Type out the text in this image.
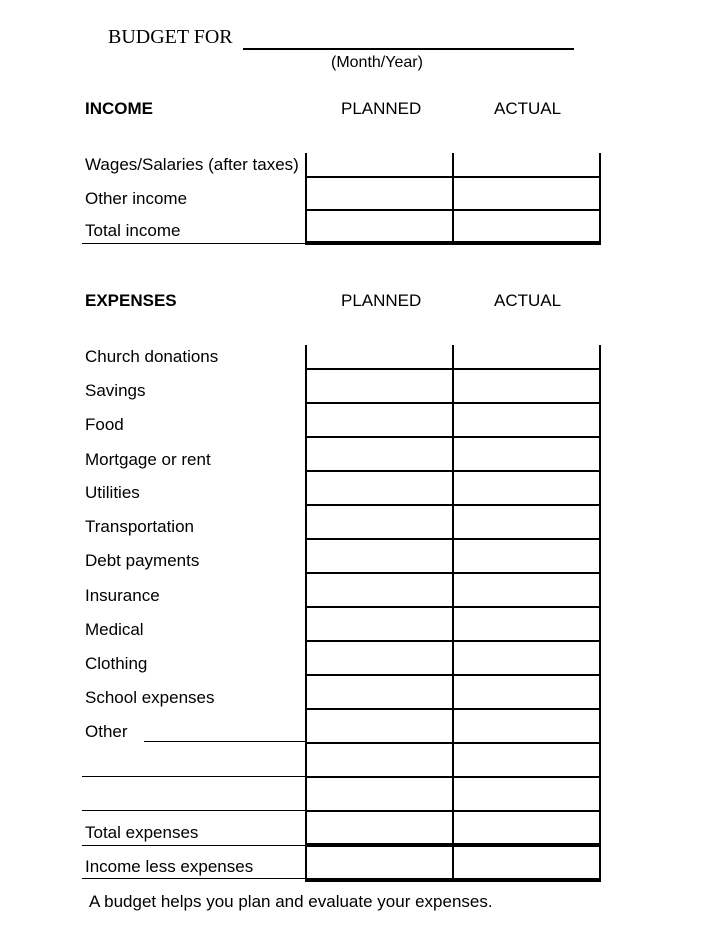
BUDGET FOR
(Month/Year)
INCOME	PLANNED	ACTUAL
Wages/Salaries (after taxes)
Other income
Total income
EXPENSES	PLANNED	ACTUAL
Church donations
Savings
Food
Mortgage or rent
Utilities
Transportation
Debt payments
Insurance
Medical
Clothing
School expenses
Other
Total expenses
Income less expenses
A budget helps you plan and evaluate your expenses.
